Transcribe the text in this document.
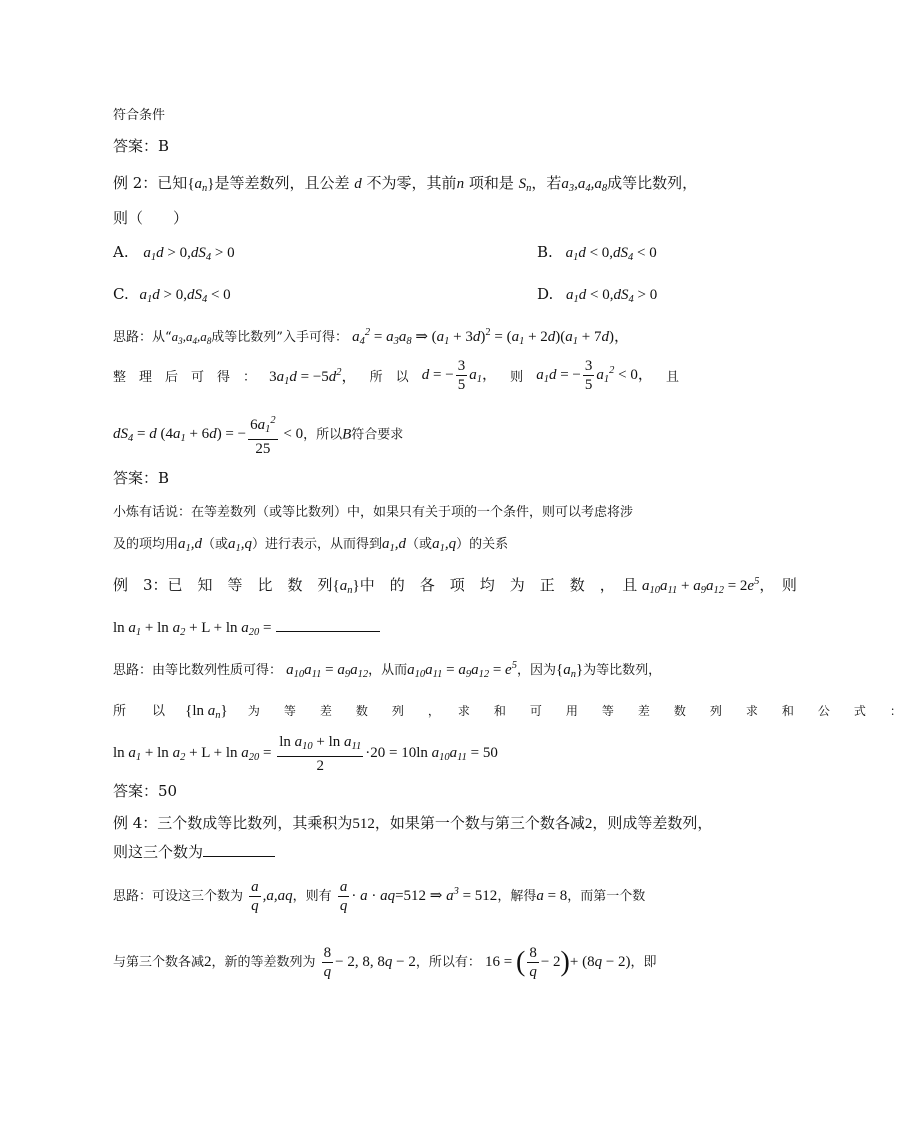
符合条件
答案：B
例 2：已知$\{a_n\}$是等差数列，且公差 d 不为零，其前n 项和是 $S_n$，若$a_3,a_4,a_8$成等比数列，
则（　　）
A. $a_1d > 0,dS_4 > 0$	B. $a_1d < 0,dS_4 < 0$
C. $a_1d > 0,dS_4 < 0$	D. $a_1d < 0,dS_4 > 0$
思路：从“$a_3,a_4,a_8$成等比数列”入手可得： $a_4^2 = a_3a_8$ ⇒ $(a_1 + 3d)^2 = (a_1 + 2d)(a_1 + 7d)$，
整　理　后　可　得　： $3a_1d = -5d^2$， 所　以 d = − $\frac{3}{5} a_1$， 则 $a_1d$ = − $\frac{3}{5} a_1^2 < 0$， 且
$dS_4 = d$ $(4a_1 + 6d)$ = − $\frac{6a_1^2}{25} < 0$，所以B符合要求
答案：B
小炼有话说：在等差数列（或等比数列）中，如果只有关于项的一个条件，则可以考虑将涉
及的项均用$a_1,d$（或$a_1,q$）进行表示，从而得到$a_1,d$（或$a_1,q$）的关系
例　3：已　知　等　比　数　列$\{a_n\}$中　的　各　项　均　为　正　数　，　且 $a_{10}a_{11} + a_9a_{12} = 2e^5$，　则
$\ln a_1 + \ln a_2 + L + \ln a_{20}$ =
思路：由等比数列性质可得： $a_{10}a_{11} = a_9a_{12}$，从而$a_{10}a_{11} = a_9a_{12} = e^5$，因为$\{a_n\}$为等比数列，
所　　以 {ln $a_n$} 为　　等　　差　　数　　列　　，　　求　　和　　可　　用　　等　　差　　数　　列　　求　　和　　公　　式　　：
$\ln a_1 + \ln a_2 + L + \ln a_{20} = \frac{\ln a_{10} + \ln a_{11}}{2} \cdot 20 = 10\ln$ $a_{10}a_{11} = 50$
答案：50
例 4：三个数成等比数列，其乘积为512，如果第一个数与第三个数各减2，则成等差数列，
则这三个数为
思路：可设这三个数为 $\frac{a}{q} ,a,aq$，则有 $\frac{a}{q} \cdot a \cdot aq=512$ ⇒ $a^3 = 512$，解得a = 8，而第一个数
与第三个数各减2，新的等差数列为 $\frac{8}{q} - 2$, 8, 8q − 2，所以有： 16 = ( $\frac{8}{q} - 2)+ (8q - 2)$，即
